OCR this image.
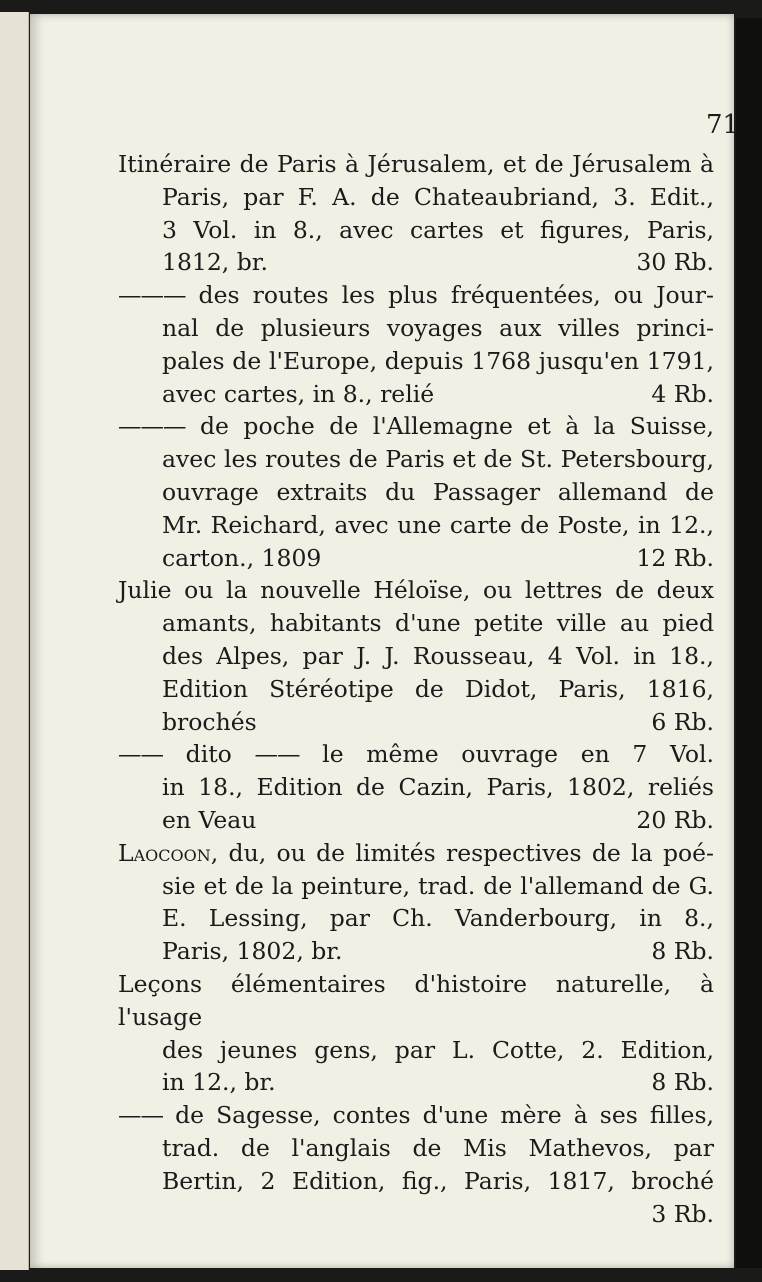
71
Itinéraire de Paris à Jérusalem, et de Jérusalem à
Paris, par F. A. de Chateaubriand, 3. Edit.,
3 Vol. in 8., avec cartes et figures, Paris,
1812, br.	30 Rb.
——— des routes les plus fréquentées, ou Jour-
nal de plusieurs voyages aux villes princi-
pales de l'Europe, depuis 1768 jusqu'en 1791,
avec cartes, in 8., relié	4 Rb.
——— de poche de l'Allemagne et à la Suisse,
avec les routes de Paris et de St. Petersbourg,
ouvrage extraits du Passager allemand de
Mr. Reichard, avec une carte de Poste, in 12.,
carton., 1809	12 Rb.
Julie ou la nouvelle Héloïse, ou lettres de deux
amants, habitants d'une petite ville au pied
des Alpes, par J. J. Rousseau, 4 Vol. in 18.,
Edition Stéréotipe de Didot, Paris, 1816,
brochés	6 Rb.
—— dito —— le même ouvrage en 7 Vol.
in 18., Edition de Cazin, Paris, 1802, reliés
en Veau	20 Rb.
Laocoon, du, ou de limités respectives de la poé-
sie et de la peinture, trad. de l'allemand de G.
E. Lessing, par Ch. Vanderbourg, in 8.,
Paris, 1802, br.	8 Rb.
Leçons élémentaires d'histoire naturelle, à l'usage
des jeunes gens, par L. Cotte, 2. Edition,
in 12., br.	8 Rb.
—— de Sagesse, contes d'une mère à ses filles,
trad. de l'anglais de Mis Mathevos, par
Bertin, 2 Edition, fig., Paris, 1817, broché
3 Rb.
